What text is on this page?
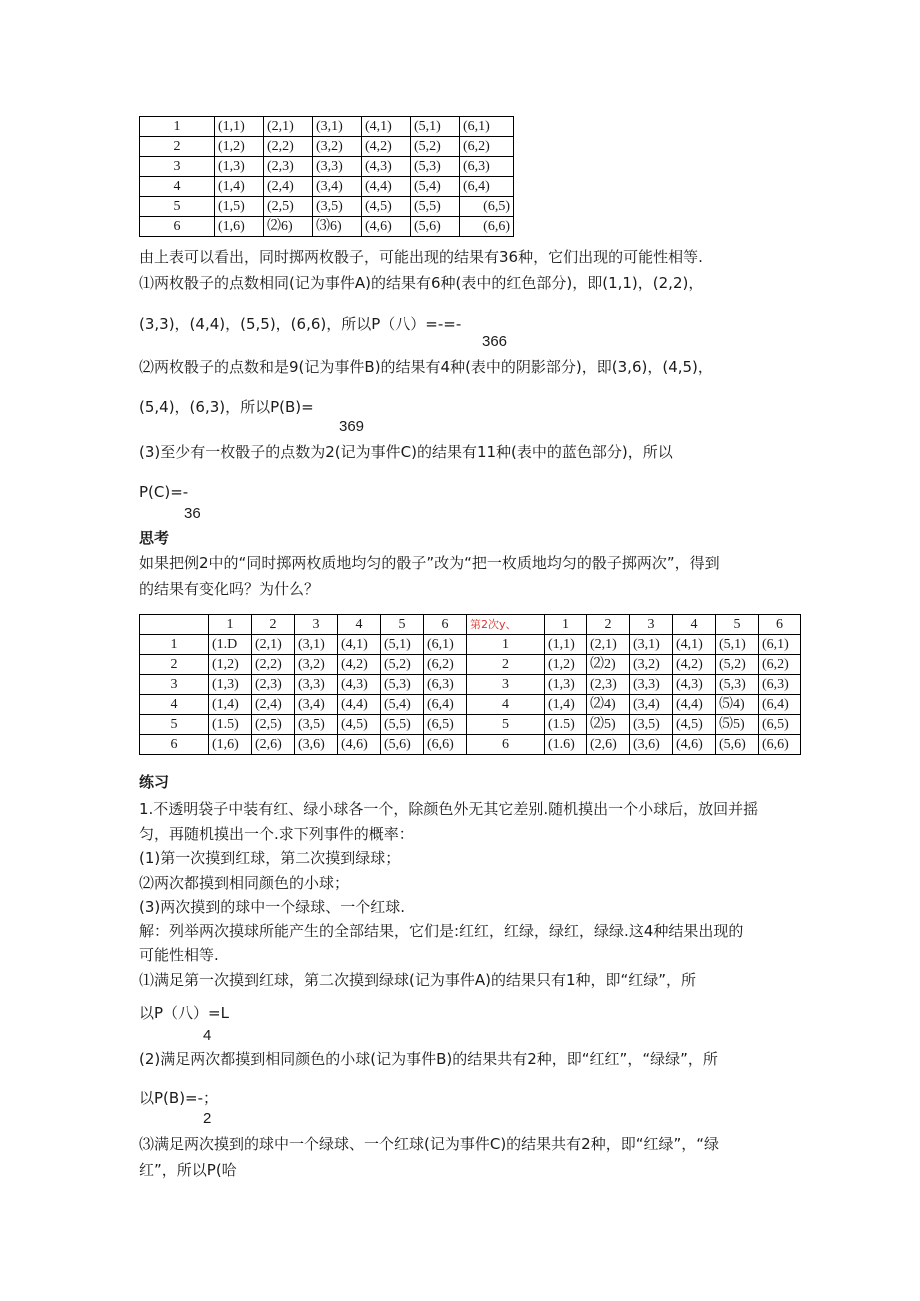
1	(1,1)	(2,1)	(3,1)	(4,1)	(5,1)	(6,1)
2	(1,2)	(2,2)	(3,2)	(4,2)	(5,2)	(6,2)
3	(1,3)	(2,3)	(3,3)	(4,3)	(5,3)	(6,3)
4	(1,4)	(2,4)	(3,4)	(4,4)	(5,4)	(6,4)
5	(1,5)	(2,5)	(3,5)	(4,5)	(5,5)	(6,5)
6	(1,6)	⑵6)	⑶6)	(4,6)	(5,6)	(6,6)
由上表可以看出，同时掷两枚骰子，可能出现的结果有36种，它们出现的可能性相等.
⑴两枚骰子的点数相同(记为事件A)的结果有6种(表中的红色部分)，即(1,1)，(2,2)，
(3,3)，(4,4)，(5,5)，(6,6)，所以P（八）=-=-
366
⑵两枚骰子的点数和是9(记为事件B)的结果有4种(表中的阴影部分)，即(3,6)，(4,5)，
(5,4)，(6,3)，所以P(B)=
369
(3)至少有一枚骰子的点数为2(记为事件C)的结果有11种(表中的蓝色部分)，所以
P(C)=-
36
思考
如果把例2中的“同时掷两枚质地均匀的骰子”改为“把一枚质地均匀的骰子掷两次”，得到
的结果有变化吗？为什么？
	1	2	3	4	5	6	第2次y、	1	2	3	4	5	6
1	(1.D	(2,1)	(3,1)	(4,1)	(5,1)	(6,1)	1	(1,1)	(2,1)	(3,1)	(4,1)	(5,1)	(6,1)
2	(1,2)	(2,2)	(3,2)	(4,2)	(5,2)	(6,2)	2	(1,2)	⑵2)	(3,2)	(4,2)	(5,2)	(6,2)
3	(1,3)	(2,3)	(3,3)	(4,3)	(5,3)	(6,3)	3	(1,3)	(2,3)	(3,3)	(4,3)	(5,3)	(6,3)
4	(1,4)	(2,4)	(3,4)	(4,4)	(5,4)	(6,4)	4	(1,4)	⑵4)	(3,4)	(4,4)	⑸4)	(6,4)
5	(1.5)	(2,5)	(3,5)	(4,5)	(5,5)	(6,5)	5	(1.5)	⑵5)	(3,5)	(4,5)	⑸5)	(6,5)
6	(1,6)	(2,6)	(3,6)	(4,6)	(5,6)	(6,6)	6	(1.6)	(2,6)	(3,6)	(4,6)	(5,6)	(6,6)
练习
1.不透明袋子中装有红、绿小球各一个，除颜色外无其它差别.随机摸出一个小球后，放回并摇
匀，再随机摸出一个.求下列事件的概率：
(1)第一次摸到红球，第二次摸到绿球；
⑵两次都摸到相同颜色的小球；
(3)两次摸到的球中一个绿球、一个红球.
解：列举两次摸球所能产生的全部结果，它们是:红红，红绿，绿红，绿绿.这4种结果出现的
可能性相等.
⑴满足第一次摸到红球，第二次摸到绿球(记为事件A)的结果只有1种，即“红绿”，所
以P（八）=L
4
(2)满足两次都摸到相同颜色的小球(记为事件B)的结果共有2种，即“红红”，“绿绿”，所
以P(B)=-；
2
⑶满足两次摸到的球中一个绿球、一个红球(记为事件C)的结果共有2种，即“红绿”，“绿
红”，所以P(哈
